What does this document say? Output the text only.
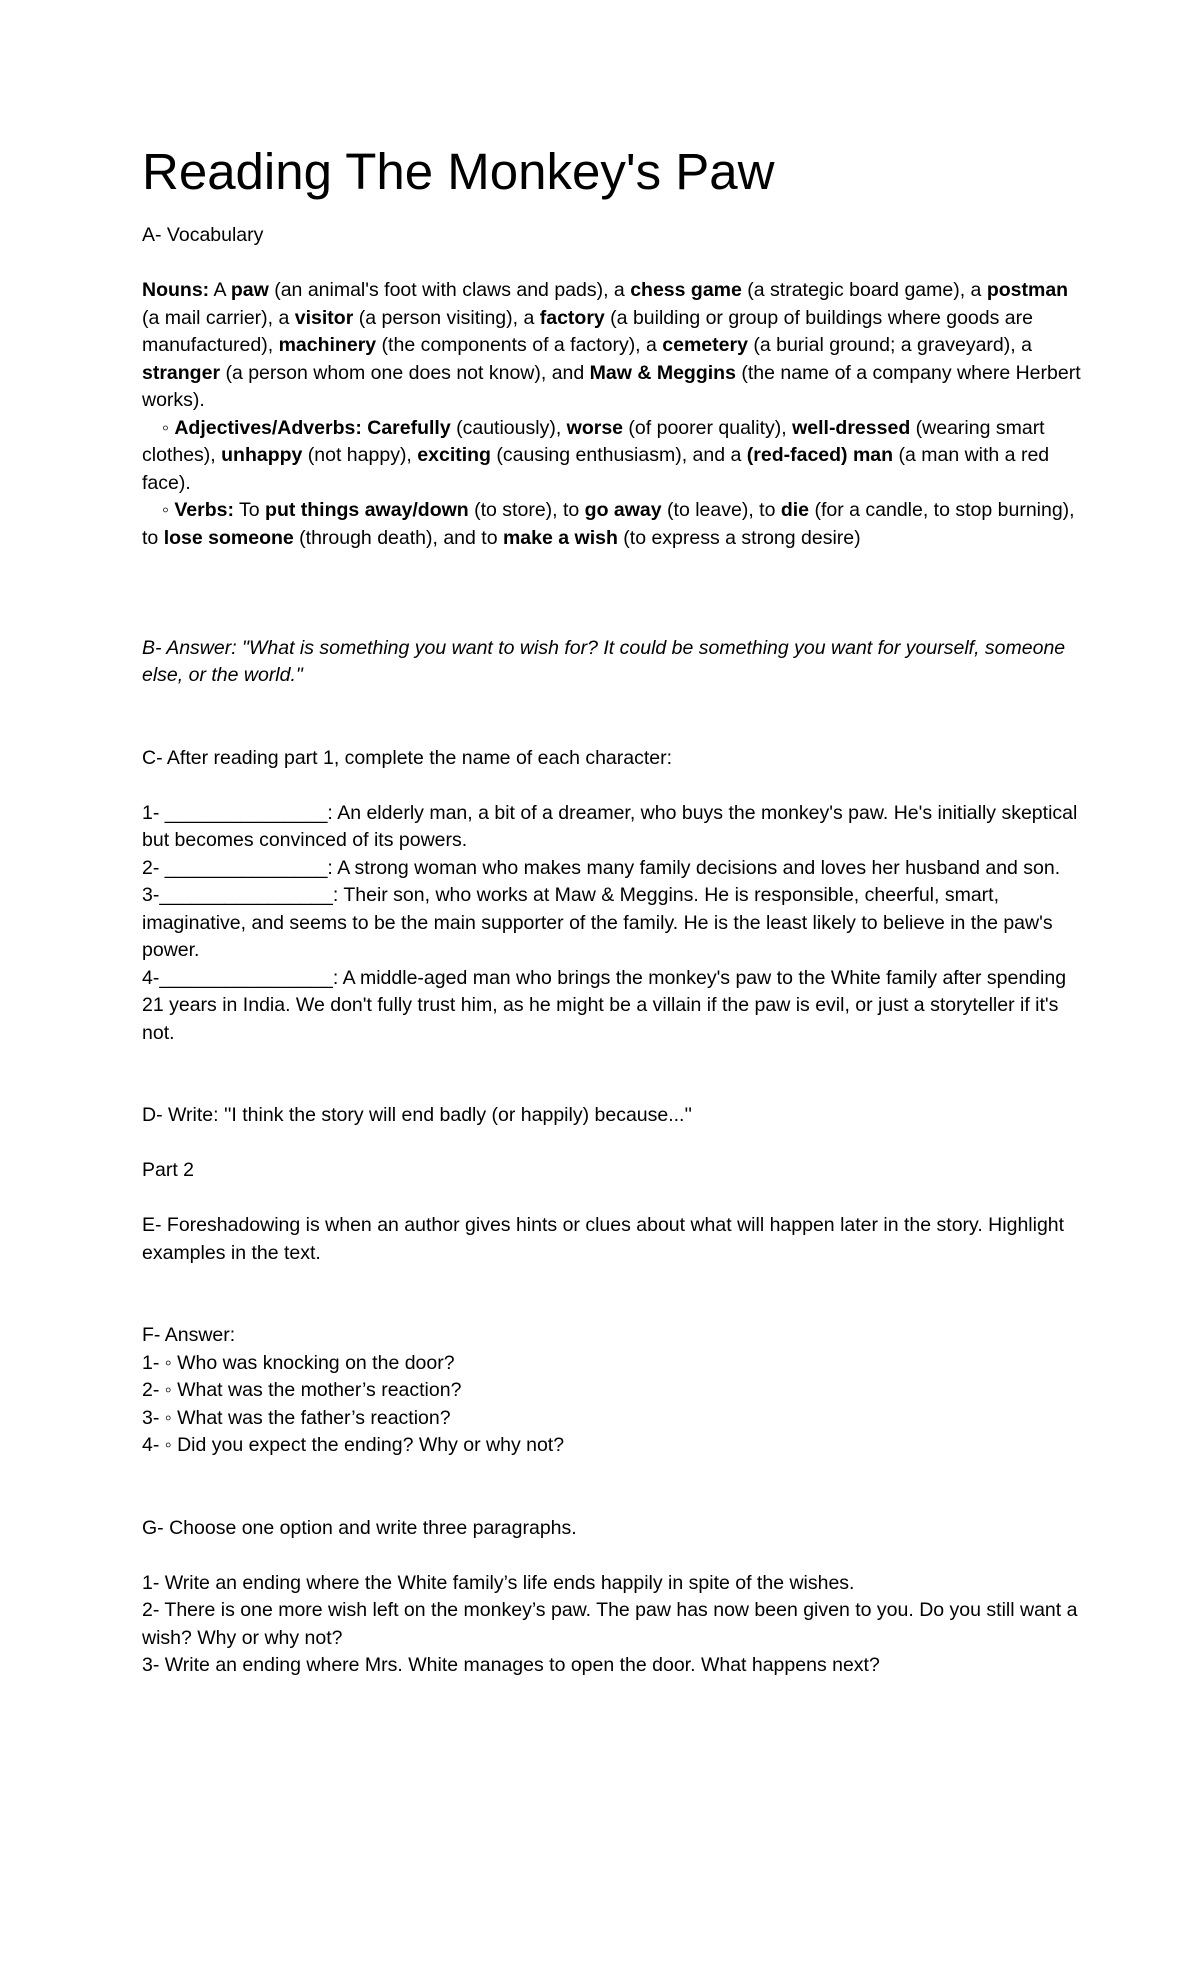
Reading The Monkey's Paw

A- Vocabulary

Nouns: A paw (an animal's foot with claws and pads), a chess game (a strategic board game), a postman (a mail carrier), a visitor (a person visiting), a factory (a building or group of buildings where goods are manufactured), machinery (the components of a factory), a cemetery (a burial ground; a graveyard), a stranger (a person whom one does not know), and Maw & Meggins (the name of a company where Herbert works).

◦ Adjectives/Adverbs: Carefully (cautiously), worse (of poorer quality), well-dressed (wearing smart clothes), unhappy (not happy), exciting (causing enthusiasm), and a (red-faced) man (a man with a red face).

◦ Verbs: To put things away/down (to store), to go away (to leave), to die (for a candle, to stop burning), to lose someone (through death), and to make a wish (to express a strong desire)

B- Answer: "What is something you want to wish for? It could be something you want for yourself, someone else, or the world."

C- After reading part 1, complete the name of each character:

1- _______________: An elderly man, a bit of a dreamer, who buys the monkey's paw. He's initially skeptical but becomes convinced of its powers.

2- _______________: A strong woman who makes many family decisions and loves her husband and son.

3-________________: Their son, who works at Maw & Meggins. He is responsible, cheerful, smart, imaginative, and seems to be the main supporter of the family. He is the least likely to believe in the paw's power.

4-________________: A middle-aged man who brings the monkey's paw to the White family after spending 21 years in India. We don't fully trust him, as he might be a villain if the paw is evil, or just a storyteller if it's not.

D- Write: ''I think the story will end badly (or happily) because...''

Part 2

E- Foreshadowing is when an author gives hints or clues about what will happen later in the story. Highlight examples in the text.

F- Answer:

1- ◦ Who was knocking on the door?

2- ◦ What was the mother’s reaction?

3- ◦ What was the father’s reaction?

4- ◦ Did you expect the ending? Why or why not?

G- Choose one option and write three paragraphs.

1- Write an ending where the White family’s life ends happily in spite of the wishes.

2- There is one more wish left on the monkey’s paw. The paw has now been given to you. Do you still want a wish? Why or why not?

3- Write an ending where Mrs. White manages to open the door. What happens next?
